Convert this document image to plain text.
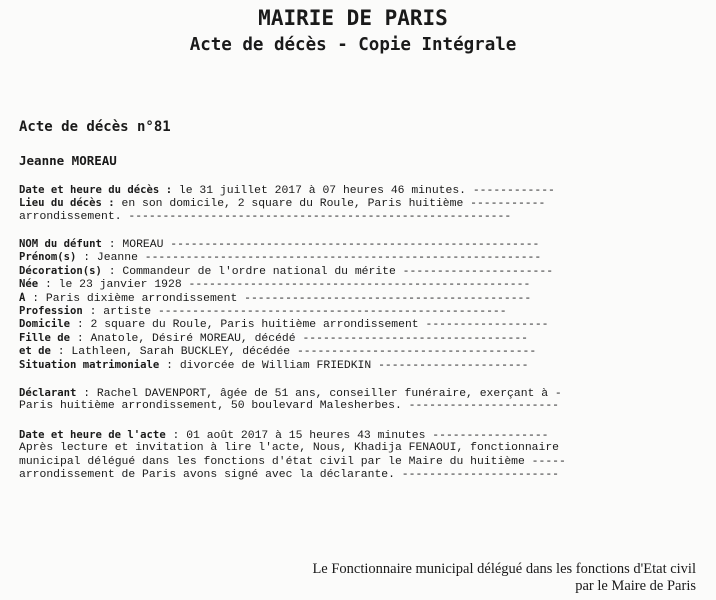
MAIRIE DE PARIS
Acte de décès - Copie Intégrale
Acte de décès n°81
Jeanne MOREAU
Date et heure du décès : le 31 juillet 2017 à 07 heures 46 minutes. ------------
Lieu du décès : en son domicile, 2 square du Roule, Paris huitième -----------
arrondissement. --------------------------------------------------------
NOM du défunt : MOREAU ------------------------------------------------------
Prénom(s) : Jeanne ----------------------------------------------------------
Décoration(s) : Commandeur de l'ordre national du mérite ----------------------
Née : le 23 janvier 1928 --------------------------------------------------
À : Paris dixième arrondissement ------------------------------------------
Profession : artiste ---------------------------------------------------
Domicile : 2 square du Roule, Paris huitième arrondissement ------------------
Fille de : Anatole, Désiré MOREAU, décédé ---------------------------------
et de : Lathleen, Sarah BUCKLEY, décédée -----------------------------------
Situation matrimoniale : divorcée de William FRIEDKIN ----------------------
Déclarant : Rachel DAVENPORT, âgée de 51 ans, conseiller funéraire, exerçant à -
Paris huitième arrondissement, 50 boulevard Malesherbes. ----------------------
Date et heure de l'acte : 01 août 2017 à 15 heures 43 minutes -----------------
Après lecture et invitation à lire l'acte, Nous, Khadija FENAOUI, fonctionnaire
municipal délégué dans les fonctions d'état civil par le Maire du huitième -----
arrondissement de Paris avons signé avec la déclarante. -----------------------
Le Fonctionnaire municipal délégué dans les fonctions d'Etat civil
par le Maire de Paris
